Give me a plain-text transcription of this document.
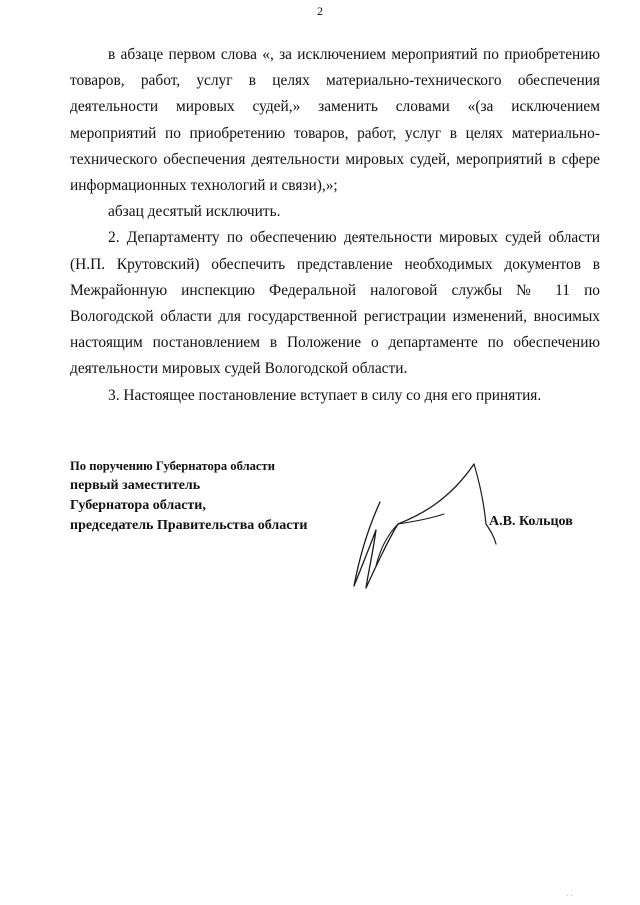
2

в абзаце первом слова «, за исключением мероприятий по приобретению товаров, работ, услуг в целях материально-технического обеспечения деятельности мировых судей,» заменить словами «(за исключением мероприятий по приобретению товаров, работ, услуг в целях материально-технического обеспечения деятельности мировых судей, мероприятий в сфере информационных технологий и связи),»;

абзац десятый исключить.

2. Департаменту по обеспечению деятельности мировых судей области (Н.П. Крутовский) обеспечить представление необходимых документов в Межрайонную инспекцию Федеральной налоговой службы № 11 по Вологодской области для государственной регистрации изменений, вносимых настоящим постановлением в Положение о департаменте по обеспечению деятельности мировых судей Вологодской области.

3. Настоящее постановление вступает в силу со дня его принятия.

По поручению Губернатора области
первый заместитель
Губернатора области,
председатель Правительства области	А.В. Кольцов
· ·
